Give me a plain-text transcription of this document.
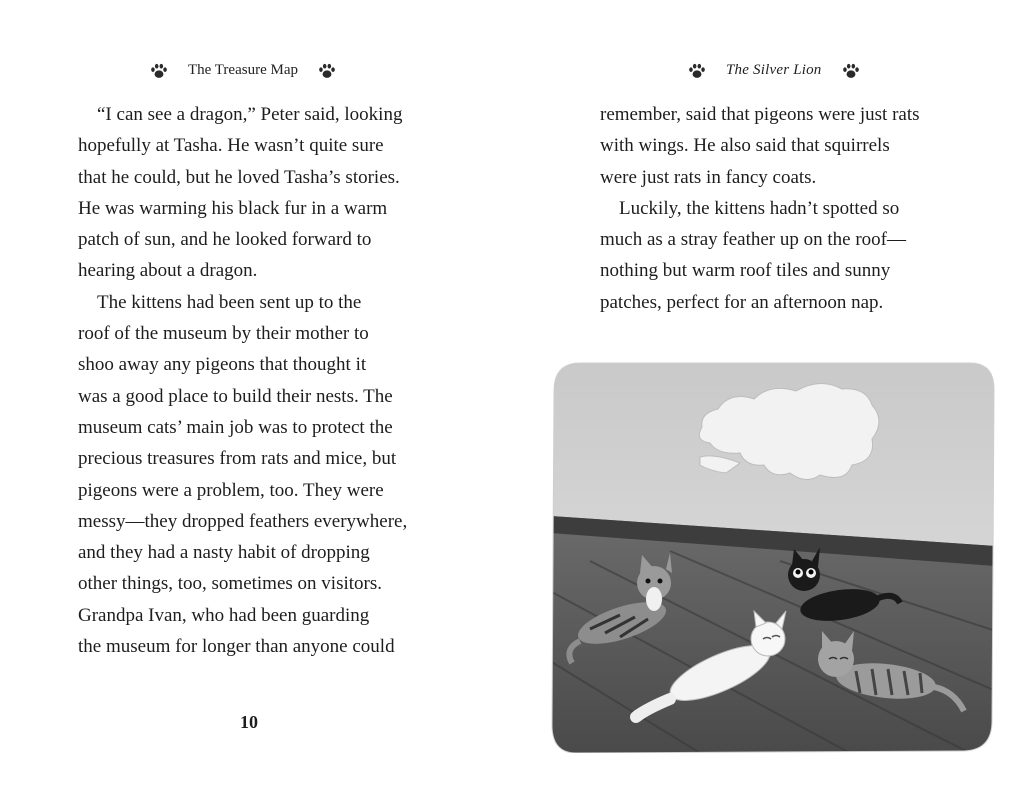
The Treasure Map

“I can see a dragon,” Peter said, looking
hopefully at Tasha. He wasn’t quite sure
that he could, but he loved Tasha’s stories.
He was warming his black fur in a warm
patch of sun, and he looked forward to
hearing about a dragon.
The kittens had been sent up to the
roof of the museum by their mother to
shoo away any pigeons that thought it
was a good place to build their nests. The
museum cats’ main job was to protect the
precious treasures from rats and mice, but
pigeons were a problem, too. They were
messy—they dropped feathers everywhere,
and they had a nasty habit of dropping
other things, too, sometimes on visitors.
Grandpa Ivan, who had been guarding
the museum for longer than anyone could

10
The Silver Lion

remember, said that pigeons were just rats
with wings. He also said that squirrels
were just rats in fancy coats.
Luckily, the kittens hadn’t spotted so
much as a stray feather up on the roof—
nothing but warm roof tiles and sunny
patches, perfect for an afternoon nap.
